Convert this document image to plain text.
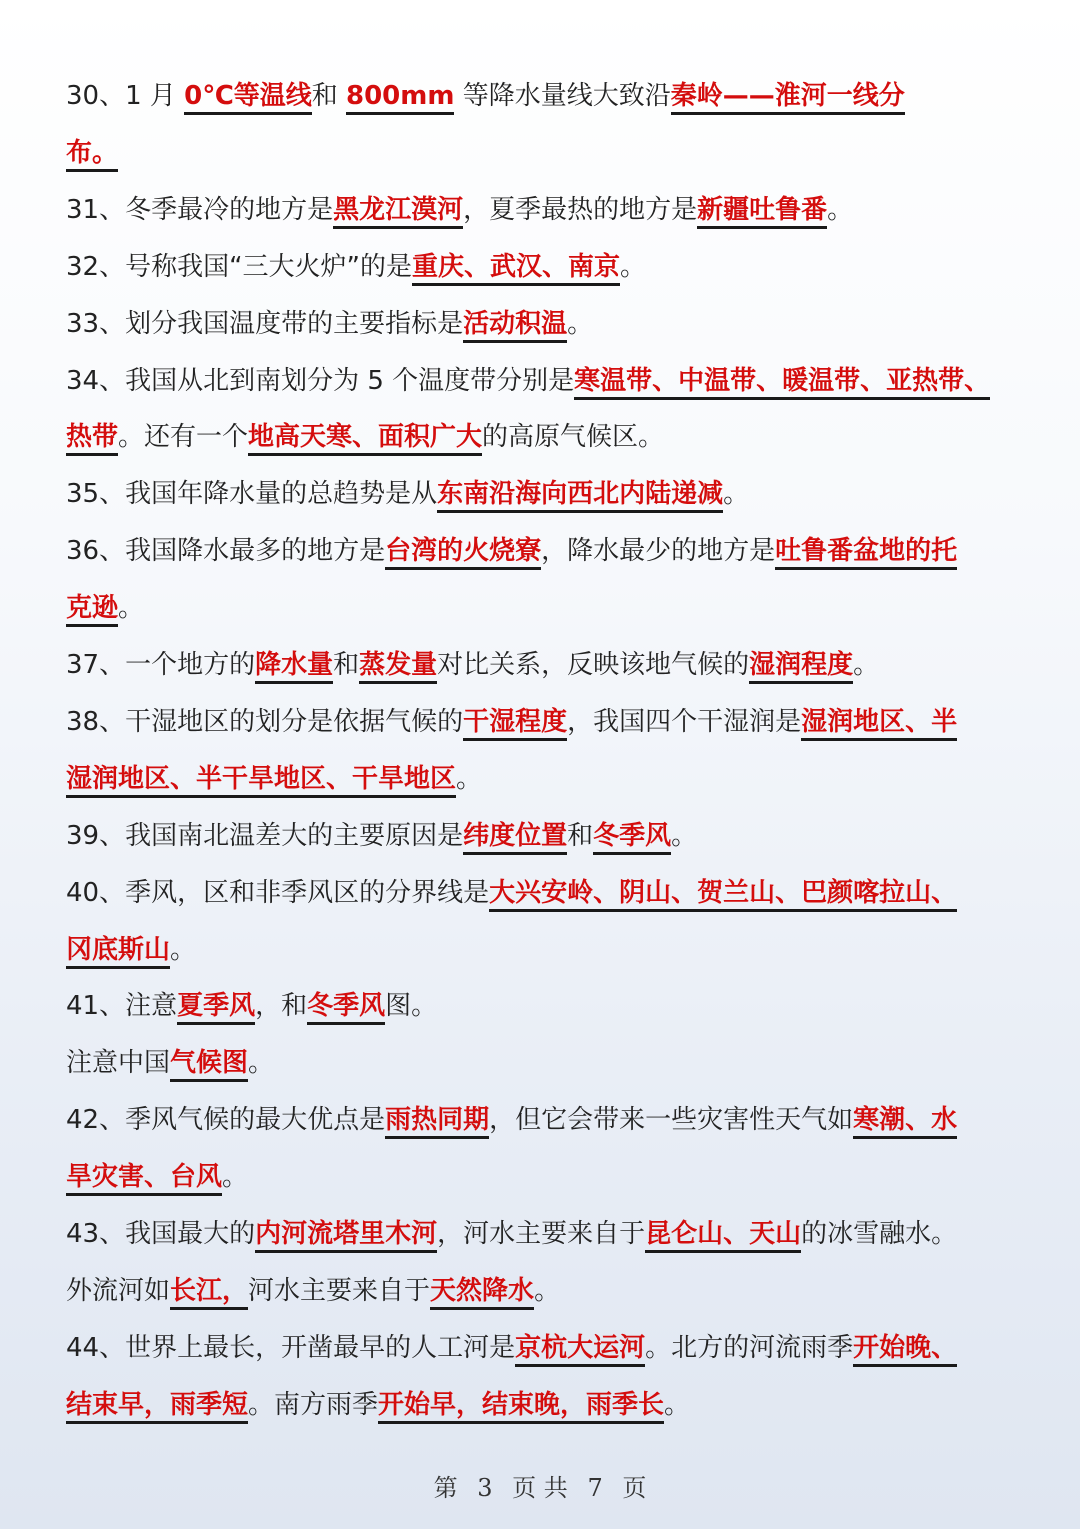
30、1 月 0℃等温线和 800mm 等降水量线大致沿秦岭——淮河一线分
布。
31、冬季最冷的地方是黑龙江漠河，夏季最热的地方是新疆吐鲁番。
32、号称我国“三大火炉”的是重庆、武汉、南京。
33、划分我国温度带的主要指标是活动积温。
34、我国从北到南划分为 5 个温度带分别是寒温带、中温带、暖温带、亚热带、
热带。还有一个地高天寒、面积广大的高原气候区。
35、我国年降水量的总趋势是从东南沿海向西北内陆递减。
36、我国降水最多的地方是台湾的火烧寮，降水最少的地方是吐鲁番盆地的托
克逊。
37、一个地方的降水量和蒸发量对比关系，反映该地气候的湿润程度。
38、干湿地区的划分是依据气候的干湿程度，我国四个干湿润是湿润地区、半
湿润地区、半干旱地区、干旱地区。
39、我国南北温差大的主要原因是纬度位置和冬季风。
40、季风，区和非季风区的分界线是大兴安岭、阴山、贺兰山、巴颜喀拉山、
冈底斯山。
41、注意夏季风，和冬季风图。
注意中国气候图。
42、季风气候的最大优点是雨热同期，但它会带来一些灾害性天气如寒潮、水
旱灾害、台风。
43、我国最大的内河流塔里木河，河水主要来自于昆仑山、天山的冰雪融水。
外流河如长江，河水主要来自于天然降水。
44、世界上最长，开凿最早的人工河是京杭大运河。北方的河流雨季开始晚、
结束早，雨季短。南方雨季开始早，结束晚，雨季长。
第 3 页 共 7 页
